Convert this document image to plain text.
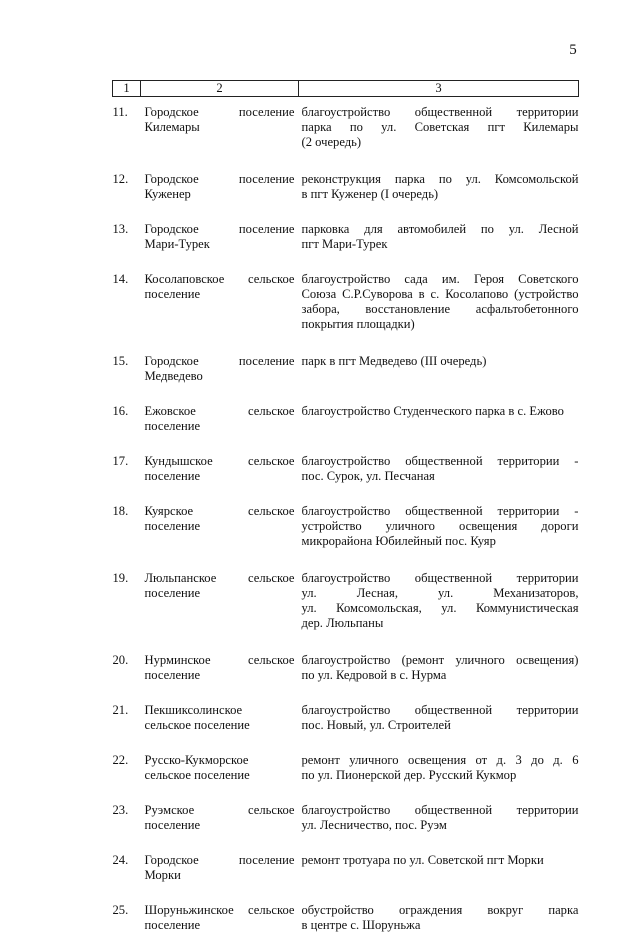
5
1	2	3

11.	Городское поселение
Килемары	благоустройство общественной территории
парка по ул. Советская пгт Килемары
(2 очередь)

12.	Городское поселение
Куженер	реконструкция парка по ул. Комсомольской
в пгт Куженер (I очередь)

13.	Городское поселение
Мари-Турек	парковка для автомобилей по ул. Лесной
пгт Мари-Турек

14.	Косолаповское сельское
поселение	благоустройство сада им. Героя Советского
Союза С.Р.Суворова в с. Косолапово (устройство
забора, восстановление асфальтобетонного
покрытия площадки)

15.	Городское поселение
Медведево	парк в пгт Медведево (III очередь)

16.	Ежовское сельское
поселение	благоустройство Студенческого парка в с. Ежово

17.	Кундышское сельское
поселение	благоустройство общественной территории -
пос. Сурок, ул. Песчаная

18.	Куярское сельское
поселение	благоустройство общественной территории -
устройство уличного освещения дороги
микрорайона Юбилейный пос. Куяр

19.	Люльпанское сельское
поселение	благоустройство общественной территории
ул. Лесная, ул. Механизаторов,
ул. Комсомольская, ул. Коммунистическая
дер. Люльпаны

20.	Нурминское сельское
поселение	благоустройство (ремонт уличного освещения)
по ул. Кедровой в с. Нурма

21.	Пекшиксолинское
сельское поселение	благоустройство общественной территории
пос. Новый, ул. Строителей

22.	Русско-Кукморское
сельское поселение	ремонт уличного освещения от д. 3 до д. 6
по ул. Пионерской дер. Русский Кукмор

23.	Руэмское сельское
поселение	благоустройство общественной территории
ул. Лесничество, пос. Руэм

24.	Городское поселение
Морки	ремонт тротуара по ул. Советской пгт Морки

25.	Шоруньжинское сельское
поселение	обустройство ограждения вокруг парка
в центре с. Шоруньжа
